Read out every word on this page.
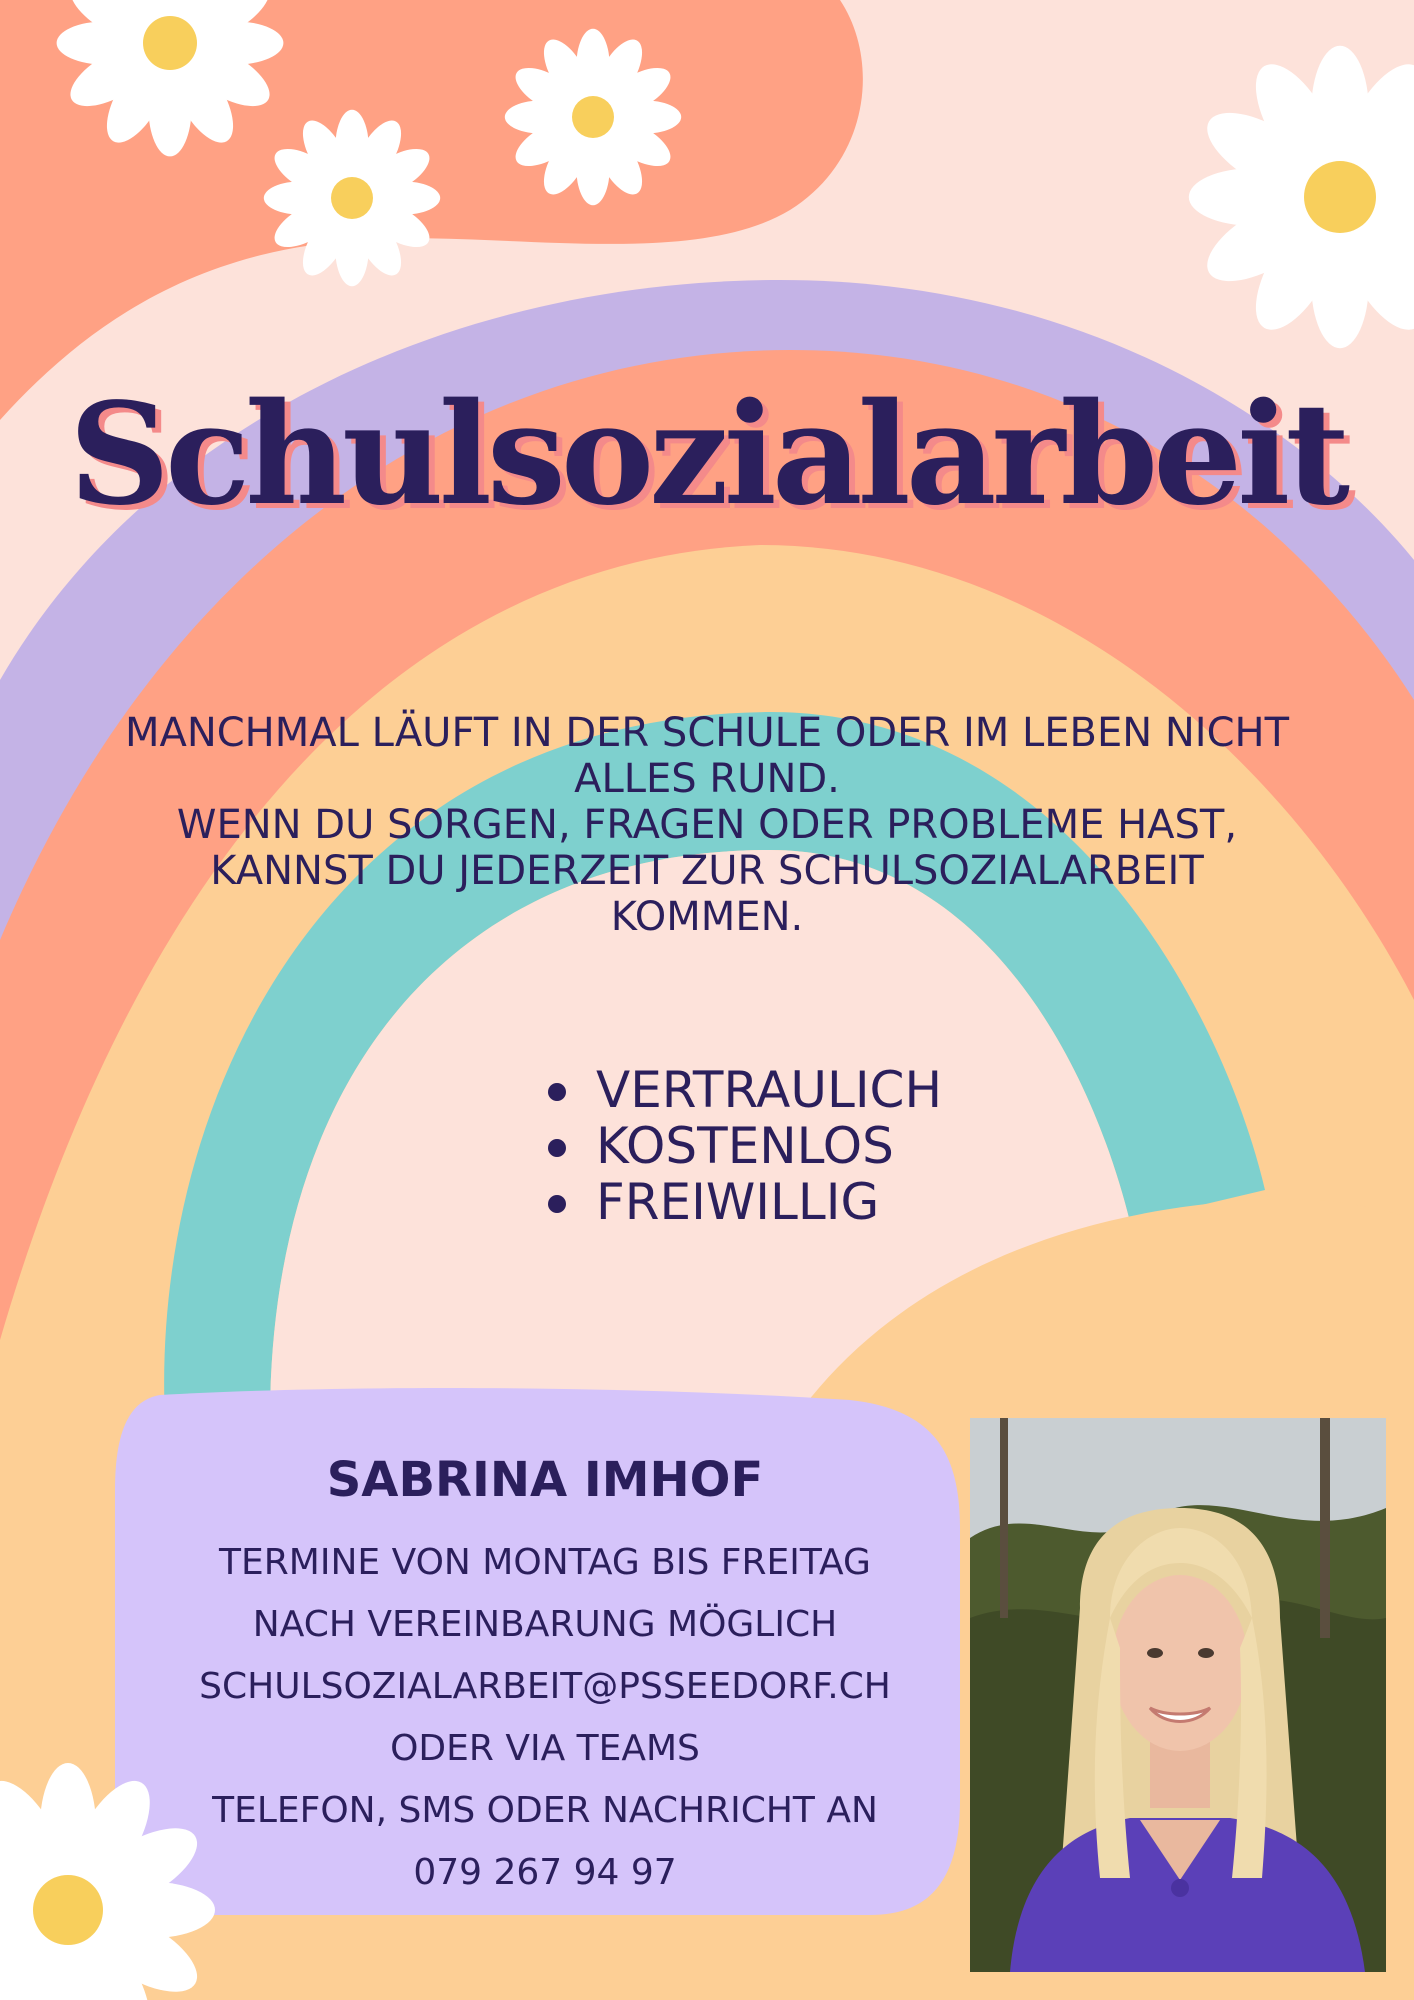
Schulsozialarbeit

MANCHMAL LÄUFT IN DER SCHULE ODER IM LEBEN NICHT ALLES RUND.

WENN DU SORGEN, FRAGEN ODER PROBLEME HAST, KANNST DU JEDERZEIT ZUR SCHULSOZIALARBEIT KOMMEN.

VERTRAULICH
KOSTENLOS
FREIWILLIG

SABRINA IMHOF

TERMINE VON MONTAG BIS FREITAG

NACH VEREINBARUNG MÖGLICH

SCHULSOZIALARBEIT@PSSEEDORF.CH

ODER VIA TEAMS

TELEFON, SMS ODER NACHRICHT AN

079 267 94 97
